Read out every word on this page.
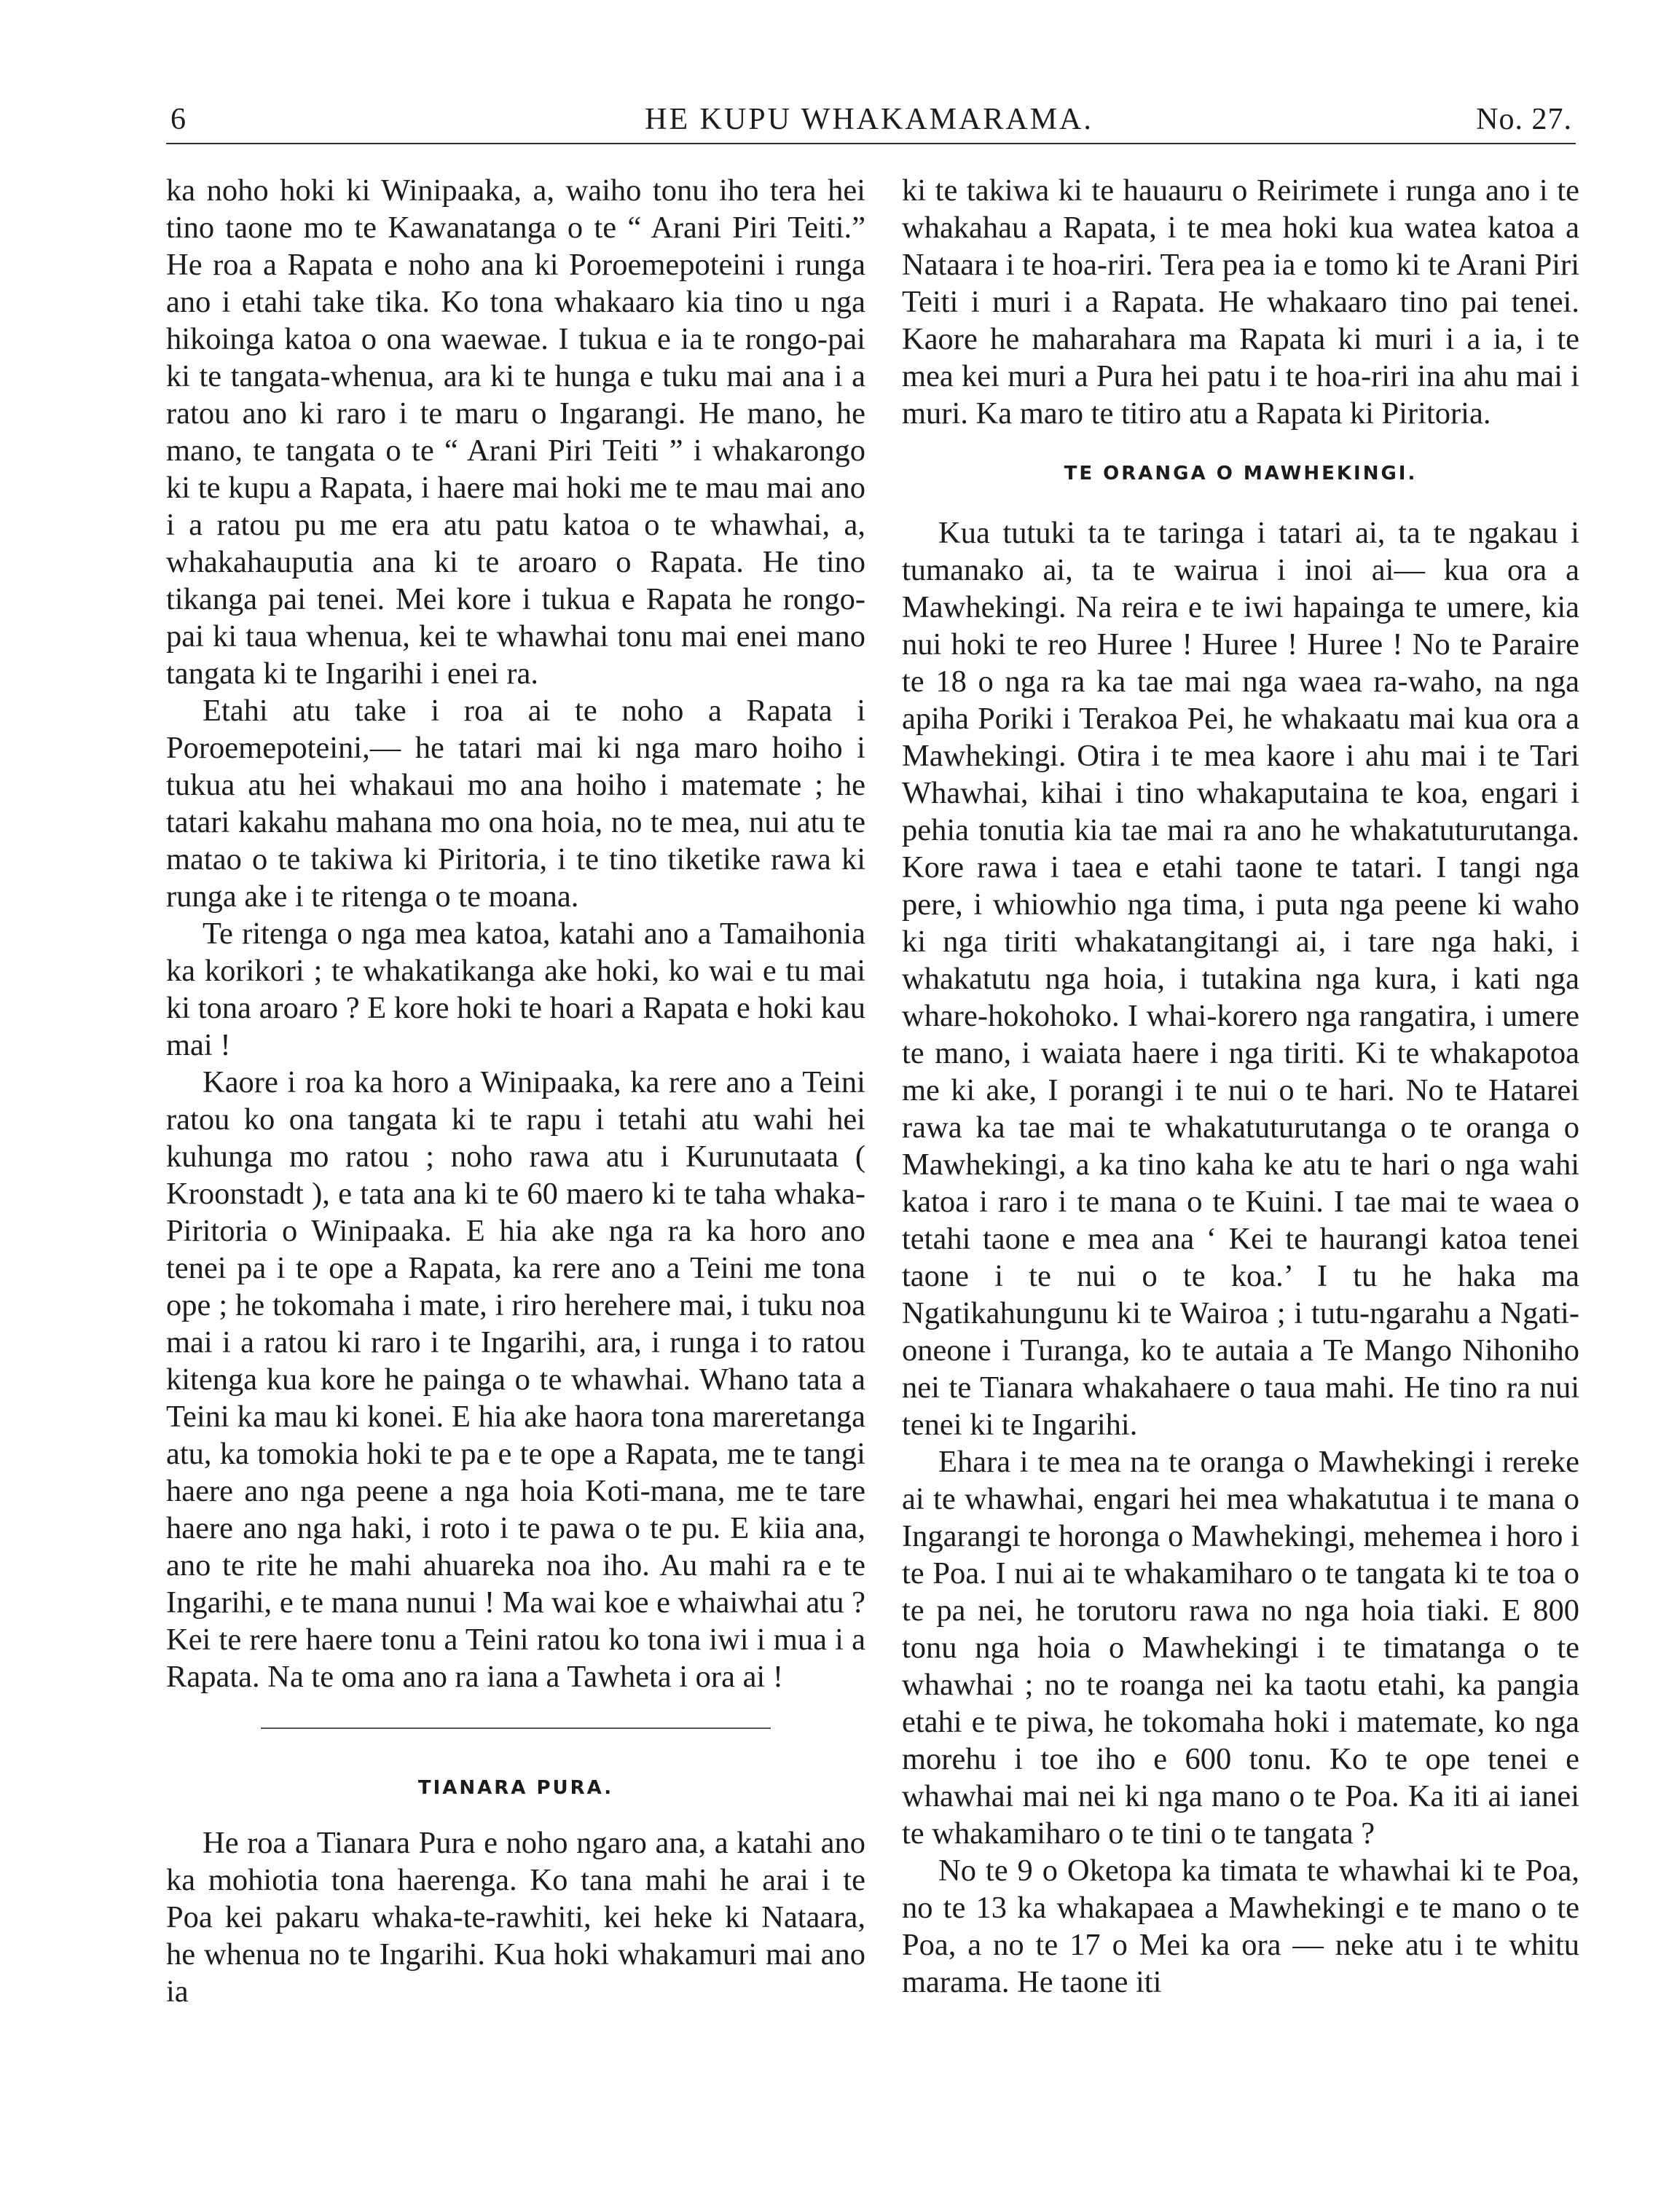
6	HE KUPU WHAKAMARAMA.	No. 27.

ka noho hoki ki Winipaaka, a, waiho tonu iho tera hei tino taone mo te Kawanatanga o te “ Arani Piri Teiti.” He roa a Rapata e noho ana ki Poroemepoteini i runga ano i etahi take tika. Ko tona whakaaro kia tino u nga hikoinga katoa o ona waewae. I tukua e ia te rongo-pai ki te tangata-whenua, ara ki te hunga e tuku mai ana i a ratou ano ki raro i te maru o Ingarangi. He mano, he mano, te tangata o te “ Arani Piri Teiti ” i whakarongo ki te kupu a Rapata, i haere mai hoki me te mau mai ano i a ratou pu me era atu patu katoa o te whawhai, a, whakahauputia ana ki te aroaro o Rapata. He tino tikanga pai tenei. Mei kore i tukua e Rapata he rongo-pai ki taua whenua, kei te whawhai tonu mai enei mano tangata ki te Ingarihi i enei ra.

Etahi atu take i roa ai te noho a Rapata i Poroemepoteini,— he tatari mai ki nga maro hoiho i tukua atu hei whakaui mo ana hoiho i matemate ; he tatari kakahu mahana mo ona hoia, no te mea, nui atu te matao o te takiwa ki Piritoria, i te tino tiketike rawa ki runga ake i te ritenga o te moana.

Te ritenga o nga mea katoa, katahi ano a Tamaihonia ka korikori ; te whakatikanga ake hoki, ko wai e tu mai ki tona aroaro ? E kore hoki te hoari a Rapata e hoki kau mai !

Kaore i roa ka horo a Winipaaka, ka rere ano a Teini ratou ko ona tangata ki te rapu i tetahi atu wahi hei kuhunga mo ratou ; noho rawa atu i Kurunutaata ( Kroonstadt ), e tata ana ki te 60 maero ki te taha whaka-Piritoria o Winipaaka. E hia ake nga ra ka horo ano tenei pa i te ope a Rapata, ka rere ano a Teini me tona ope ; he tokomaha i mate, i riro herehere mai, i tuku noa mai i a ratou ki raro i te Ingarihi, ara, i runga i to ratou kitenga kua kore he painga o te whawhai. Whano tata a Teini ka mau ki konei. E hia ake haora tona mareretanga atu, ka tomokia hoki te pa e te ope a Rapata, me te tangi haere ano nga peene a nga hoia Koti-mana, me te tare haere ano nga haki, i roto i te pawa o te pu. E kiia ana, ano te rite he mahi ahuareka noa iho. Au mahi ra e te Ingarihi, e te mana nunui ! Ma wai koe e whaiwhai atu ? Kei te rere haere tonu a Teini ratou ko tona iwi i mua i a Rapata. Na te oma ano ra iana a Tawheta i ora ai !

TIANARA PURA.

He roa a Tianara Pura e noho ngaro ana, a katahi ano ka mohiotia tona haerenga. Ko tana mahi he arai i te Poa kei pakaru whaka-te-rawhiti, kei heke ki Nataara, he whenua no te Ingarihi. Kua hoki whakamuri mai ano ia

ki te takiwa ki te hauauru o Reirimete i runga ano i te whakahau a Rapata, i te mea hoki kua watea katoa a Nataara i te hoa-riri. Tera pea ia e tomo ki te Arani Piri Teiti i muri i a Rapata. He whakaaro tino pai tenei. Kaore he maharahara ma Rapata ki muri i a ia, i te mea kei muri a Pura hei patu i te hoa-riri ina ahu mai i muri. Ka maro te titiro atu a Rapata ki Piritoria.

TE ORANGA O MAWHEKINGI.

Kua tutuki ta te taringa i tatari ai, ta te ngakau i tumanako ai, ta te wairua i inoi ai— kua ora a Mawhekingi. Na reira e te iwi hapainga te umere, kia nui hoki te reo Huree ! Huree ! Huree ! No te Paraire te 18 o nga ra ka tae mai nga waea ra-waho, na nga apiha Poriki i Terakoa Pei, he whakaatu mai kua ora a Mawhekingi. Otira i te mea kaore i ahu mai i te Tari Whawhai, kihai i tino whakaputaina te koa, engari i pehia tonutia kia tae mai ra ano he whakatuturutanga. Kore rawa i taea e etahi taone te tatari. I tangi nga pere, i whiowhio nga tima, i puta nga peene ki waho ki nga tiriti whakatangitangi ai, i tare nga haki, i whakatutu nga hoia, i tutakina nga kura, i kati nga whare-hokohoko. I whai-korero nga rangatira, i umere te mano, i waiata haere i nga tiriti. Ki te whakapotoa me ki ake, I porangi i te nui o te hari. No te Hatarei rawa ka tae mai te whakatuturutanga o te oranga o Mawhekingi, a ka tino kaha ke atu te hari o nga wahi katoa i raro i te mana o te Kuini. I tae mai te waea o tetahi taone e mea ana ‘ Kei te haurangi katoa tenei taone i te nui o te koa.’ I tu he haka ma Ngatikahungunu ki te Wairoa ; i tutu-ngarahu a Ngati-oneone i Turanga, ko te autaia a Te Mango Nihoniho nei te Tianara whakahaere o taua mahi. He tino ra nui tenei ki te Ingarihi.

Ehara i te mea na te oranga o Mawhekingi i rereke ai te whawhai, engari hei mea whakatutua i te mana o Ingarangi te horonga o Mawhekingi, mehemea i horo i te Poa. I nui ai te whakamiharo o te tangata ki te toa o te pa nei, he torutoru rawa no nga hoia tiaki. E 800 tonu nga hoia o Mawhekingi i te timatanga o te whawhai ; no te roanga nei ka taotu etahi, ka pangia etahi e te piwa, he tokomaha hoki i matemate, ko nga morehu i toe iho e 600 tonu. Ko te ope tenei e whawhai mai nei ki nga mano o te Poa. Ka iti ai ianei te whakamiharo o te tini o te tangata ?

No te 9 o Oketopa ka timata te whawhai ki te Poa, no te 13 ka whakapaea a Mawhekingi e te mano o te Poa, a no te 17 o Mei ka ora — neke atu i te whitu marama. He taone iti
